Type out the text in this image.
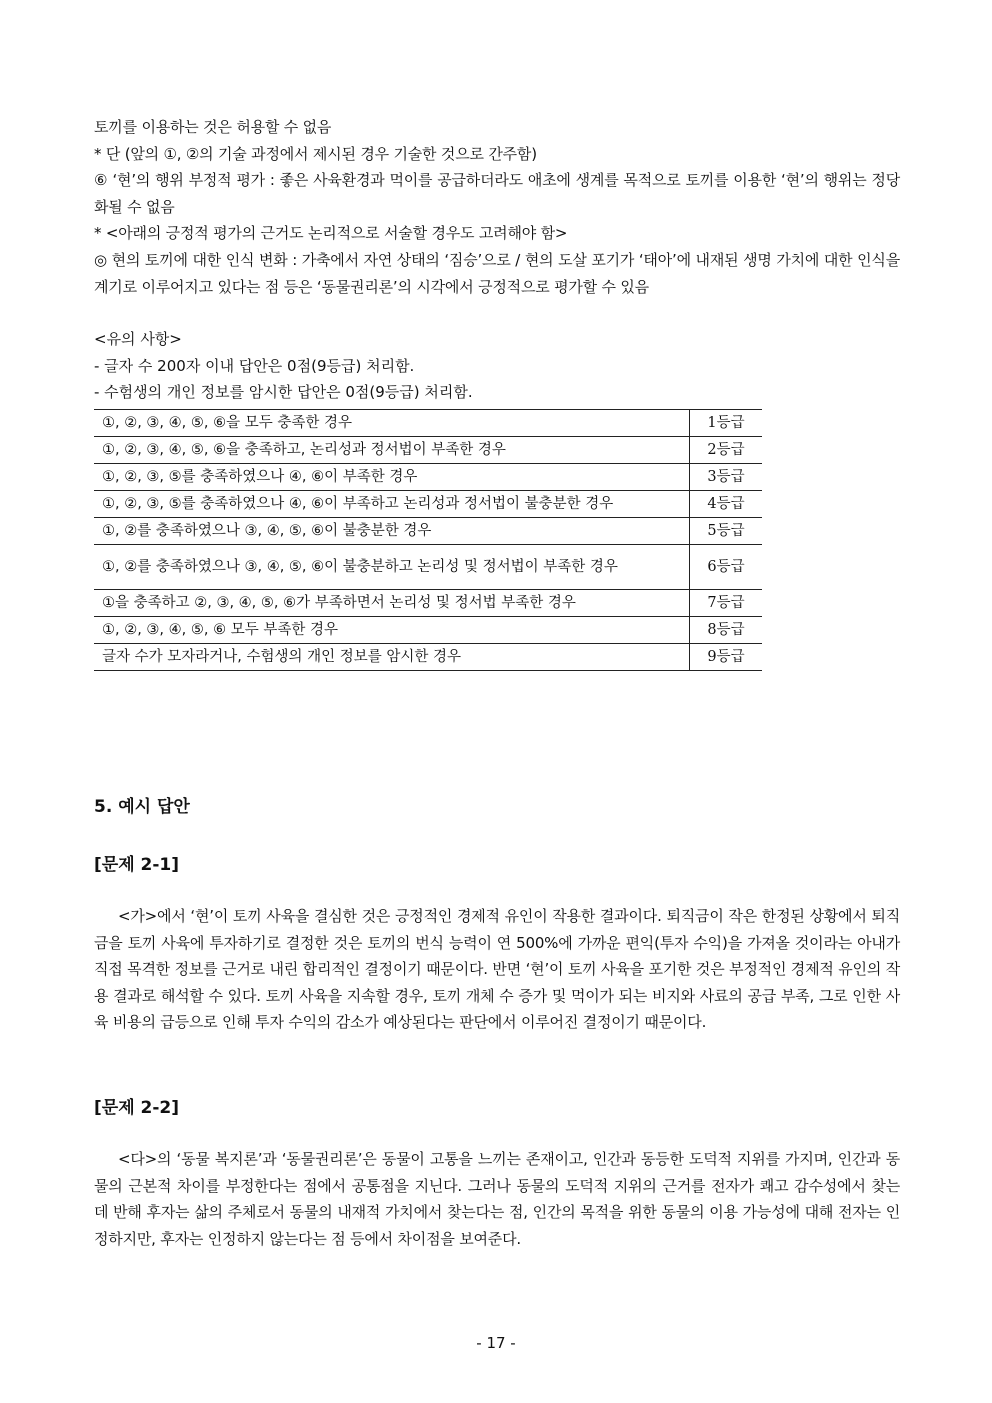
토끼를 이용하는 것은 허용할 수 없음

* 단 (앞의 ①, ②의 기술 과정에서 제시된 경우 기술한 것으로 간주함)

⑥ ‘현’의 행위 부정적 평가 : 좋은 사육환경과 먹이를 공급하더라도 애초에 생계를 목적으로 토끼를 이용한 ‘현’의 행위는 정당화될 수 없음

* <아래의 긍정적 평가의 근거도 논리적으로 서술할 경우도 고려해야 함>

◎ 현의 토끼에 대한 인식 변화 : 가축에서 자연 상태의 ‘짐승’으로 / 현의 도살 포기가 ‘태아’에 내재된 생명 가치에 대한 인식을 계기로 이루어지고 있다는 점 등은 ‘동물권리론’의 시각에서 긍정적으로 평가할 수 있음

<유의 사항>

- 글자 수 200자 이내 답안은 0점(9등급) 처리함.

- 수험생의 개인 정보를 암시한 답안은 0점(9등급) 처리함.

①, ②, ③, ④, ⑤, ⑥을 모두 충족한 경우	1등급
①, ②, ③, ④, ⑤, ⑥을 충족하고, 논리성과 정서법이 부족한 경우	2등급
①, ②, ③, ⑤를 충족하였으나 ④, ⑥이 부족한 경우	3등급
①, ②, ③, ⑤를 충족하였으나 ④, ⑥이 부족하고 논리성과 정서법이 불충분한 경우	4등급
①, ②를 충족하였으나 ③, ④, ⑤, ⑥이 불충분한 경우	5등급
①, ②를 충족하였으나 ③, ④, ⑤, ⑥이 불충분하고 논리성 및 정서법이 부족한 경우	6등급
①을 충족하고 ②, ③, ④, ⑤, ⑥가 부족하면서 논리성 및 정서법 부족한 경우	7등급
①, ②, ③, ④, ⑤, ⑥ 모두 부족한 경우	8등급
글자 수가 모자라거나, 수험생의 개인 정보를 암시한 경우	9등급
5. 예시 답안
[문제 2-1]

<가>에서 ‘현’이 토끼 사육을 결심한 것은 긍정적인 경제적 유인이 작용한 결과이다. 퇴직금이 작은 한정된 상황에서 퇴직금을 토끼 사육에 투자하기로 결정한 것은 토끼의 번식 능력이 연 500%에 가까운 편익(투자 수익)을 가져올 것이라는 아내가 직접 목격한 정보를 근거로 내린 합리적인 결정이기 때문이다. 반면 ‘현’이 토끼 사육을 포기한 것은 부정적인 경제적 유인의 작용 결과로 해석할 수 있다. 토끼 사육을 지속할 경우, 토끼 개체 수 증가 및 먹이가 되는 비지와 사료의 공급 부족, 그로 인한 사육 비용의 급등으로 인해 투자 수익의 감소가 예상된다는 판단에서 이루어진 결정이기 때문이다.

[문제 2-2]

<다>의 ‘동물 복지론’과 ‘동물권리론’은 동물이 고통을 느끼는 존재이고, 인간과 동등한 도덕적 지위를 가지며, 인간과 동물의 근본적 차이를 부정한다는 점에서 공통점을 지닌다. 그러나 동물의 도덕적 지위의 근거를 전자가 쾌고 감수성에서 찾는 데 반해 후자는 삶의 주체로서 동물의 내재적 가치에서 찾는다는 점, 인간의 목적을 위한 동물의 이용 가능성에 대해 전자는 인정하지만, 후자는 인정하지 않는다는 점 등에서 차이점을 보여준다.

- 17 -
